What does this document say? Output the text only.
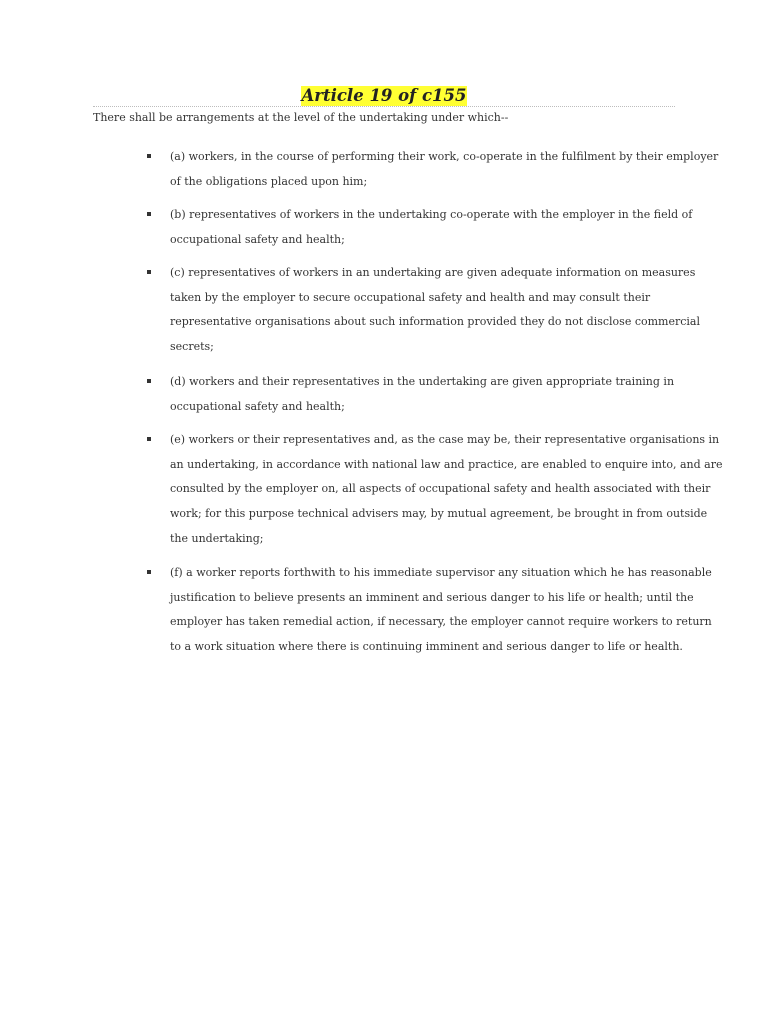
Article 19 of c155
There shall be arrangements at the level of the undertaking under which--
(a) workers, in the course of performing their work, co-operate in the fulfilment by their employer
of the obligations placed upon him;
(b) representatives of workers in the undertaking co-operate with the employer in the field of
occupational safety and health;
(c) representatives of workers in an undertaking are given adequate information on measures
taken by the employer to secure occupational safety and health and may consult their
representative organisations about such information provided they do not disclose commercial
secrets;
(d) workers and their representatives in the undertaking are given appropriate training in
occupational safety and health;
(e) workers or their representatives and, as the case may be, their representative organisations in
an undertaking, in accordance with national law and practice, are enabled to enquire into, and are
consulted by the employer on, all aspects of occupational safety and health associated with their
work; for this purpose technical advisers may, by mutual agreement, be brought in from outside
the undertaking;
(f) a worker reports forthwith to his immediate supervisor any situation which he has reasonable
justification to believe presents an imminent and serious danger to his life or health; until the
employer has taken remedial action, if necessary, the employer cannot require workers to return
to a work situation where there is continuing imminent and serious danger to life or health.
